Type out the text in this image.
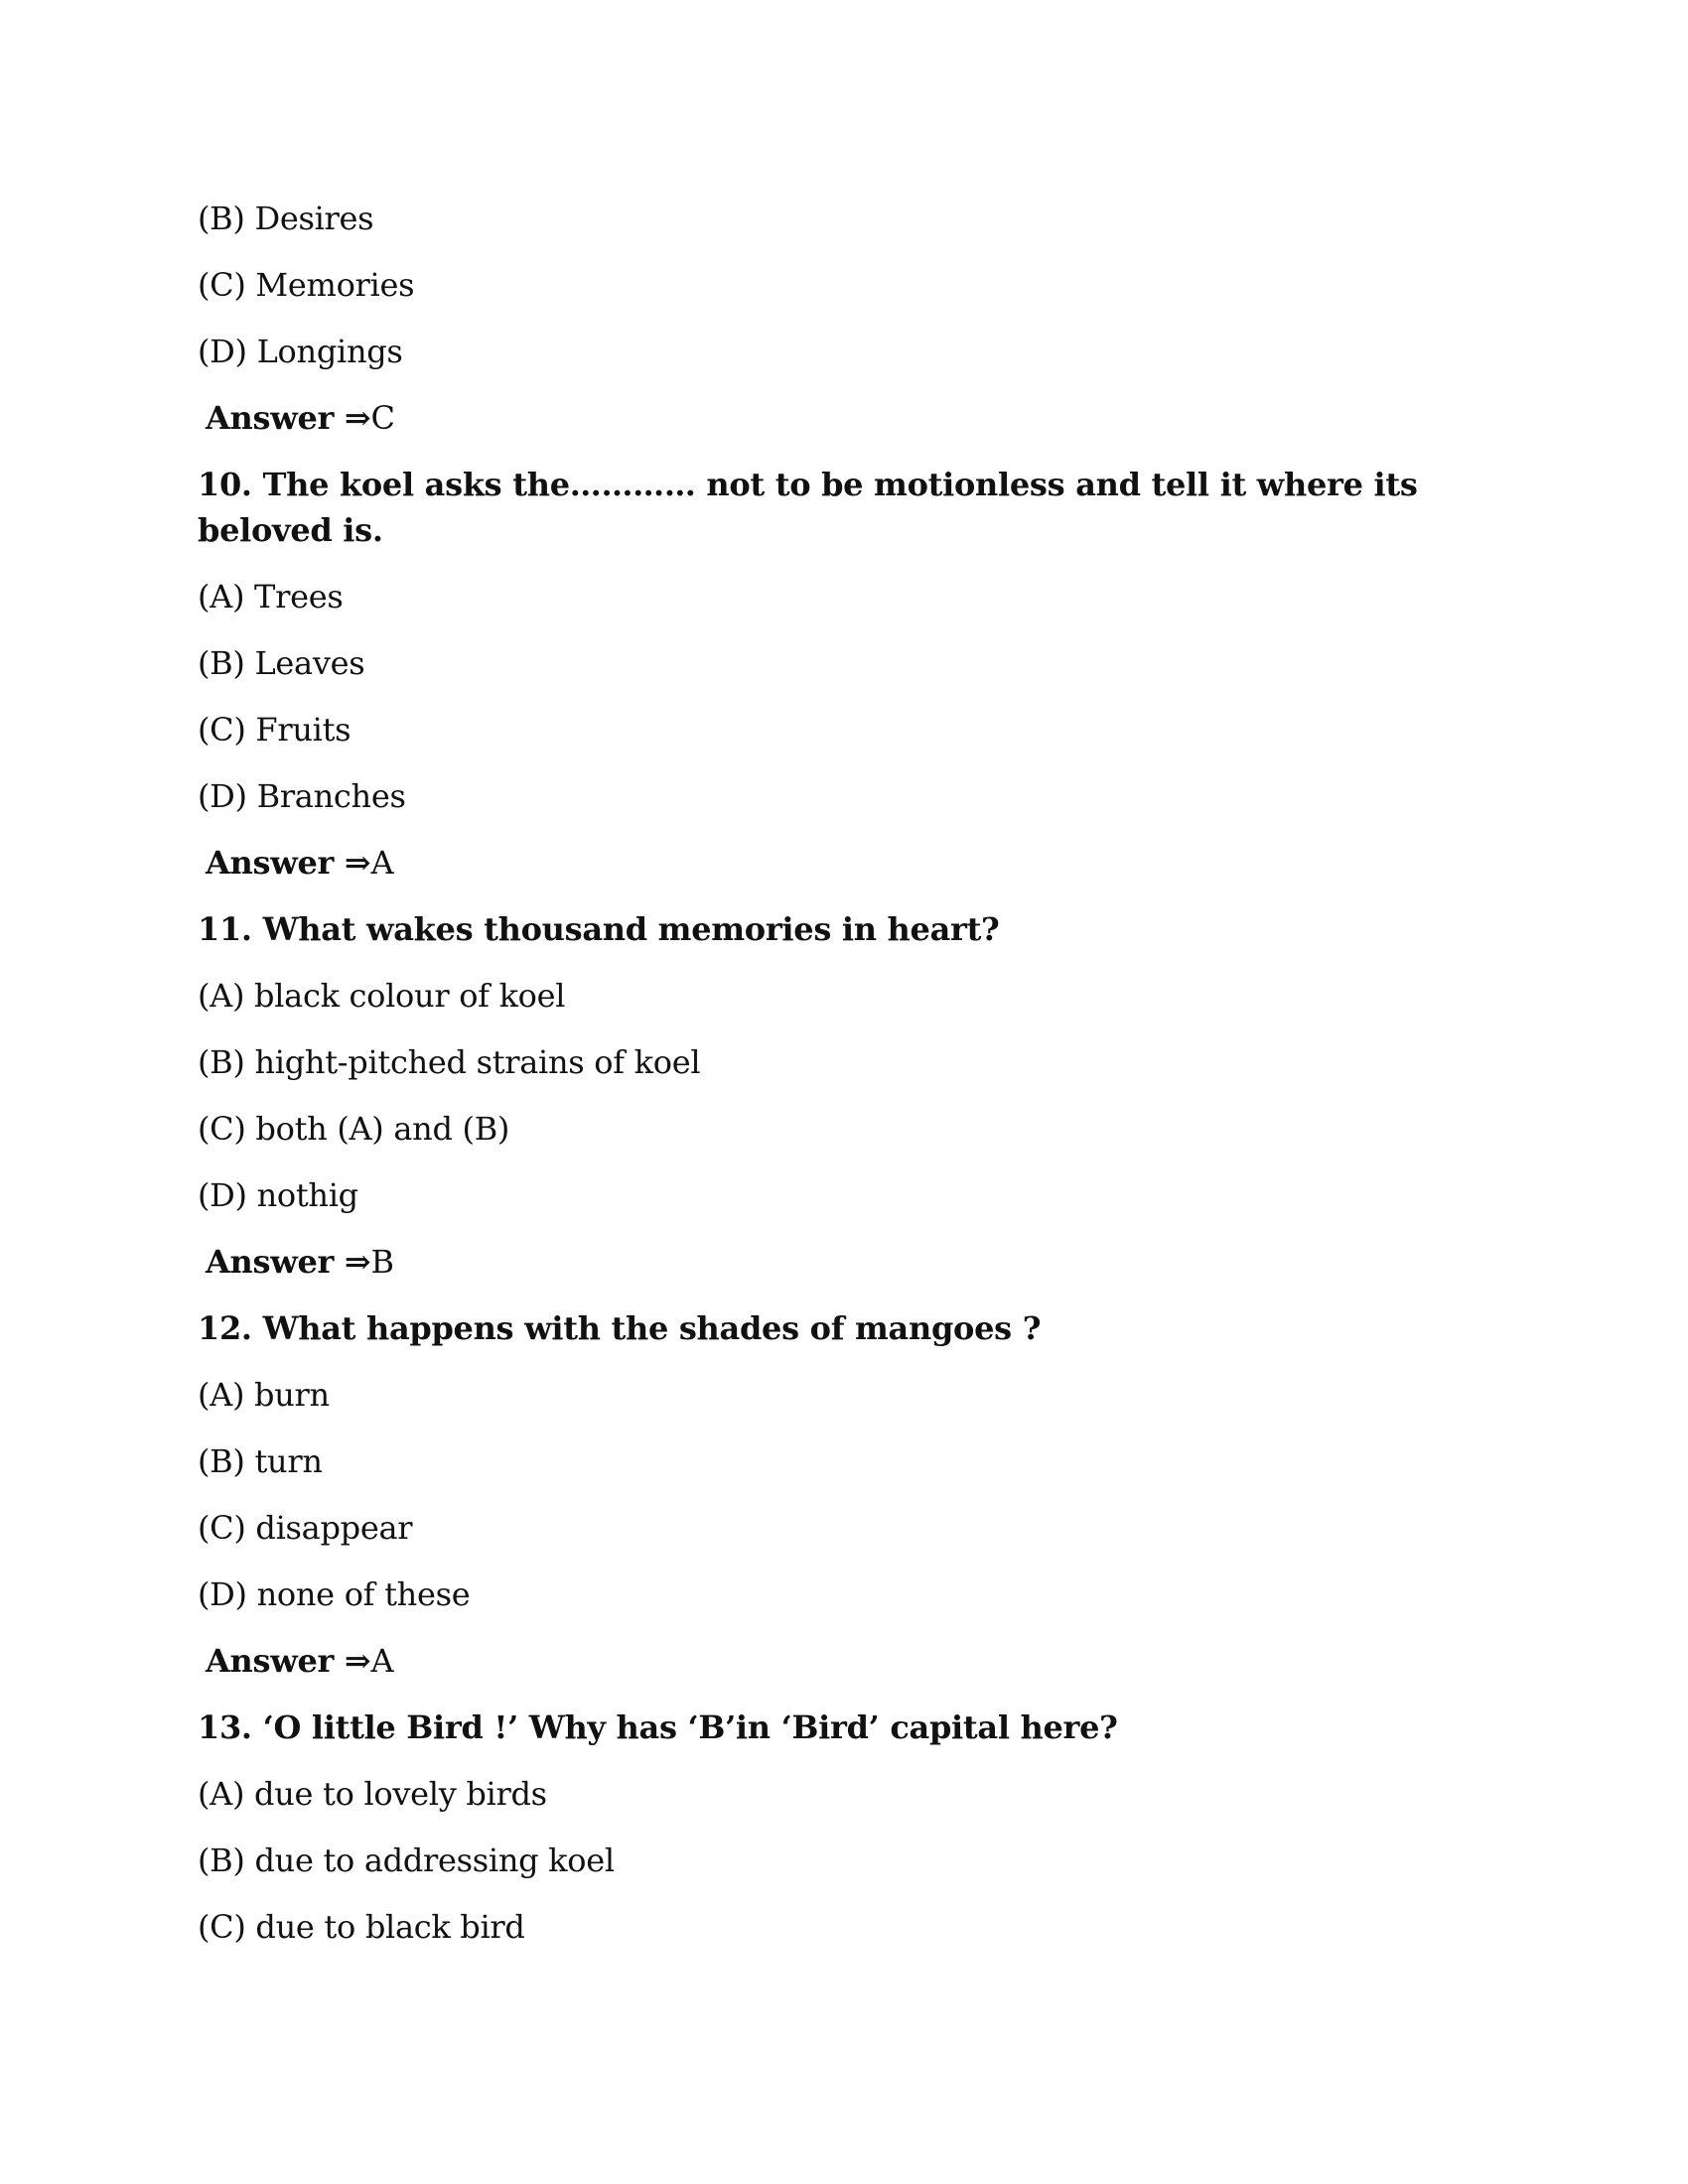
(B) Desires
(C) Memories
(D) Longings
Answer ⇒C
10. The koel asks the………… not to be motionless and tell it where its beloved is.
(A) Trees
(B) Leaves
(C) Fruits
(D) Branches
Answer ⇒A
11. What wakes thousand memories in heart?
(A) black colour of koel
(B) hight-pitched strains of koel
(C) both (A) and (B)
(D) nothig
Answer ⇒B
12. What happens with the shades of mangoes ?
(A) burn
(B) turn
(C) disappear
(D) none of these
Answer ⇒A
13. ‘O little Bird !’ Why has ‘B’in ‘Bird’ capital here?
(A) due to lovely birds
(B) due to addressing koel
(C) due to black bird
